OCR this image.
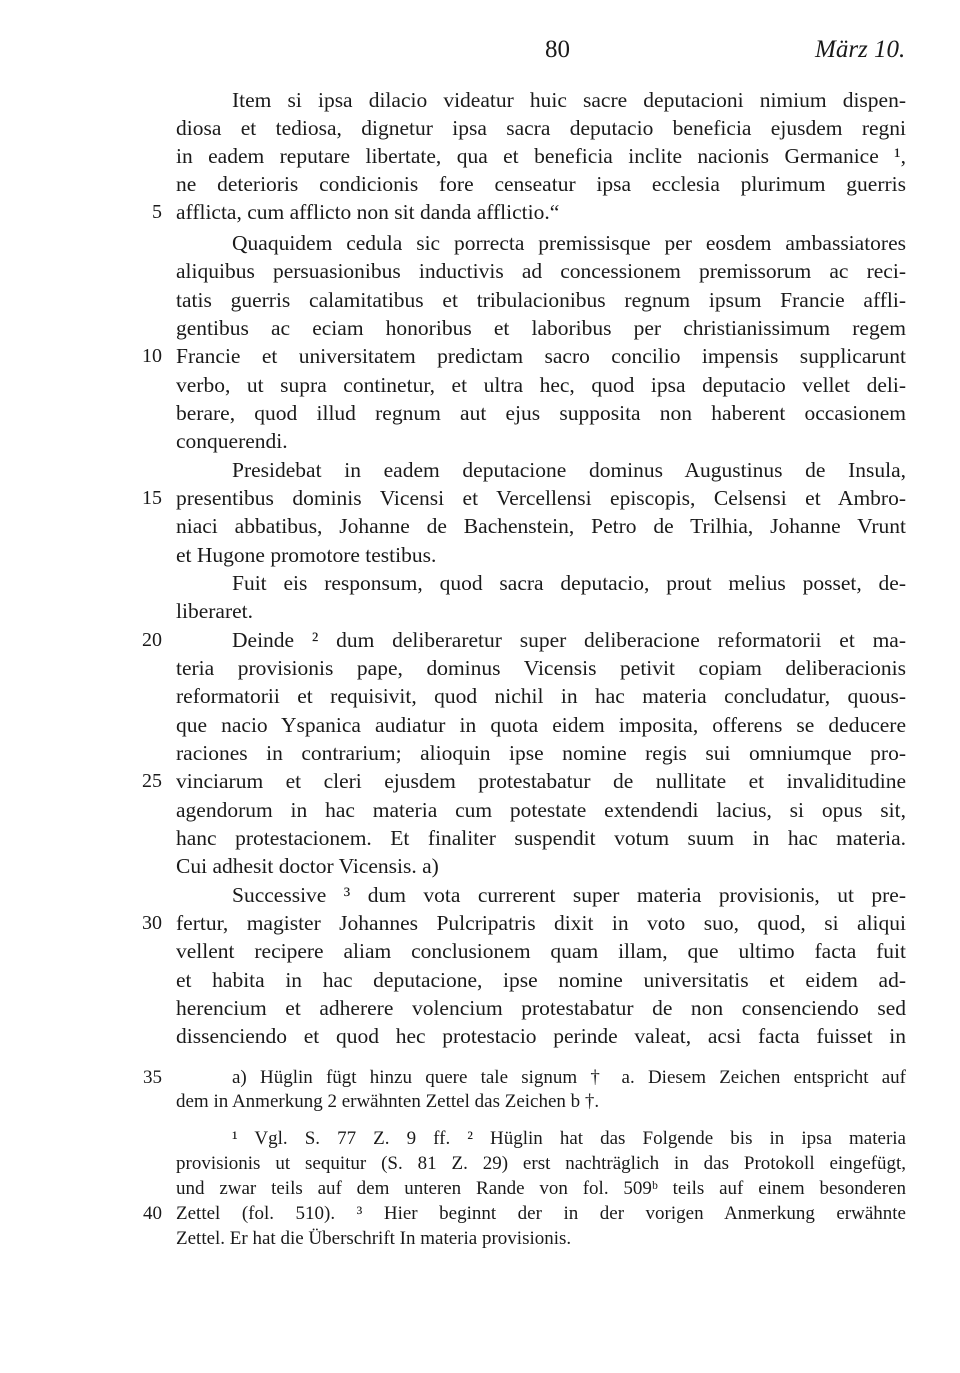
80	März 10.
Item si ipsa dilacio videatur huic sacre deputacioni nimium dispen-
diosa et tediosa, dignetur ipsa sacra deputacio beneficia ejusdem regni
in eadem reputare libertate, qua et beneficia inclite nacionis Germanice ¹,
ne deterioris condicionis fore censeatur ipsa ecclesia plurimum guerris
afflicta, cum afflicto non sit danda afflictio.“
Quaquidem cedula sic porrecta premissisque per eosdem ambassiatores
aliquibus persuasionibus inductivis ad concessionem premissorum ac reci-
tatis guerris calamitatibus et tribulacionibus regnum ipsum Francie affli-
gentibus ac eciam honoribus et laboribus per christianissimum regem
Francie et universitatem predictam sacro concilio impensis supplicarunt
verbo, ut supra continetur, et ultra hec, quod ipsa deputacio vellet deli-
berare, quod illud regnum aut ejus supposita non haberent occasionem
conquerendi.
Presidebat in eadem deputacione dominus Augustinus de Insula,
presentibus dominis Vicensi et Vercellensi episcopis, Celsensi et Ambro-
niaci abbatibus, Johanne de Bachenstein, Petro de Trilhia, Johanne Vrunt
et Hugone promotore testibus.
Fuit eis responsum, quod sacra deputacio, prout melius posset, de-
liberaret.
Deinde ² dum deliberaretur super deliberacione reformatorii et ma-
teria provisionis pape, dominus Vicensis petivit copiam deliberacionis
reformatorii et requisivit, quod nichil in hac materia concludatur, quous-
que nacio Yspanica audiatur in quota eidem imposita, offerens se deducere
raciones in contrarium; alioquin ipse nomine regis sui omniumque pro-
vinciarum et cleri ejusdem protestabatur de nullitate et invaliditudine
agendorum in hac materia cum potestate extendendi lacius, si opus sit,
hanc protestacionem. Et finaliter suspendit votum suum in hac materia.
Cui adhesit doctor Vicensis. a)
Successive ³ dum vota currerent super materia provisionis, ut pre-
fertur, magister Johannes Pulcripatris dixit in voto suo, quod, si aliqui
vellent recipere aliam conclusionem quam illam, que ultimo facta fuit
et habita in hac deputacione, ipse nomine universitatis et eidem ad-
herencium et adherere volencium protestabatur de non consenciendo sed
dissenciendo et quod hec protestacio perinde valeat, acsi facta fuisset in
a) Hüglin fügt hinzu quere tale signum † a. Diesem Zeichen entspricht auf
dem in Anmerkung 2 erwähnten Zettel das Zeichen b †.
¹ Vgl. S. 77 Z. 9 ff. ² Hüglin hat das Folgende bis in ipsa materia
provisionis ut sequitur (S. 81 Z. 29) erst nachträglich in das Protokoll eingefügt,
und zwar teils auf dem unteren Rande von fol. 509ᵇ teils auf einem besonderen
Zettel (fol. 510). ³ Hier beginnt der in der vorigen Anmerkung erwähnte
Zettel. Er hat die Überschrift In materia provisionis.
5
10
15
20
25
30
35
40
